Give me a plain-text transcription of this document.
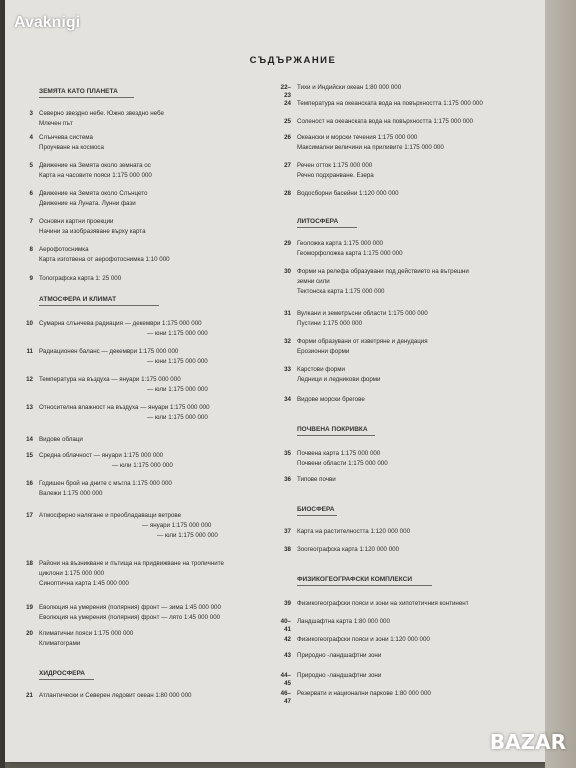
СЪДЪРЖАНИЕ
ЗЕМЯТА КАТО ПЛАНЕТА
3 Северно звездно небе. Южно звездно небе
Млечен път
4 Слънчева система
Проучване на космоса
5 Движение на Земята около земната ос
Карта на часовите пояси 1:175 000 000
6 Движение на Земята около Слънцето
Движение на Луната. Лунни фази
7 Основни картни проекции
Начини за изобразяване върху карта
8 Аерофотоснимка
Карта изготвена от аерофотоснимка 1:10 000
9 Топографска карта 1: 25 000
10 Сумарна слънчева радиация — декември 1:175 000 000
— юни 1:175 000 000
11 Радиационен баланс — декември 1:175 000 000
— юни 1:175 000 000
12 Температура на въздуха — януари 1:175 000 000
— юли 1:175 000 000
13 Относителна влажност на въздуха — януари 1:175 000 000
— юли 1:175 000 000
14 Видове облаци
15 Средна облачност — януари 1:175 000 000
— юли 1:175 000 000
16 Годишен брой на дните с мъгла 1:175 000 000
Валежи 1:175 000 000
17 Атмосферно налягане и преобладаващи ветрове
— януари 1:175 000 000
— юли 1:175 000 000
18 Райони на възникване и пътища на придвижване на тропичните
циклони 1:175 000 000
Синоптична карта 1:45 000 000
19 Еволюция на умерения (полярния) фронт — зима 1:45 000 000
Еволюция на умерения (полярния) фронт — лято 1:45 000 000
20 Климатични пояси 1:175 000 000
Климатограми
21 Атлантически и Северен ледовит океан 1:80 000 000
АТМОСФЕРА И КЛИМАТ
ХИДРОСФЕРА
22–23
Тихи и Индийски океан 1:80 000 000
24 Температура на океанската вода на повърхността 1:175 000 000
25 Соленост на океанската вода на повърхността 1:175 000 000
26 Океански и морски течения 1:175 000 000
Максимални величини на приливите 1:175 000 000
27 Речен отток 1:175 000 000
Речно подхранване. Езера
28 Водосборни басейни 1:120 000 000
29 Геоложка карта 1:175 000 000
Геоморфоложка карта 1:175 000 000
30 Форми на релефа образувани под действието на вътрешни
земни сили
Тектонска карта 1:175 000 000
31 Вулкани и земетръсни области 1:175 000 000
Пустини 1:175 000 000
32 Форми образувани от изветряне и денудация
Ерозионни форми
33 Карстови форми
Ледници и ледникови форми
34 Видове морски брегове
35 Почвена карта 1:175 000 000
Почвени области 1:175 000 000
36 Типове почви
37 Карта на растителността 1:120 000 000
38 Зоогеографска карта 1:120 000 000
39 Физикогеографски пояси и зони на хипотетичния континент
40–41
Ландшафтна карта 1:80 000 000
42 Физикогеографски пояси и зони 1:120 000 000
43 Природно -ландшафтни зони
44–45
Природно -ландшафтни зони
46–47
Резервати и национални паркове 1:80 000 000
ЛИТОСФЕРА
ПОЧВЕНА ПОКРИВКА
БИОСФЕРА
ФИЗИКОГЕОГРАФСКИ КОМПЛЕКСИ
Avaknigi
BAZAR
